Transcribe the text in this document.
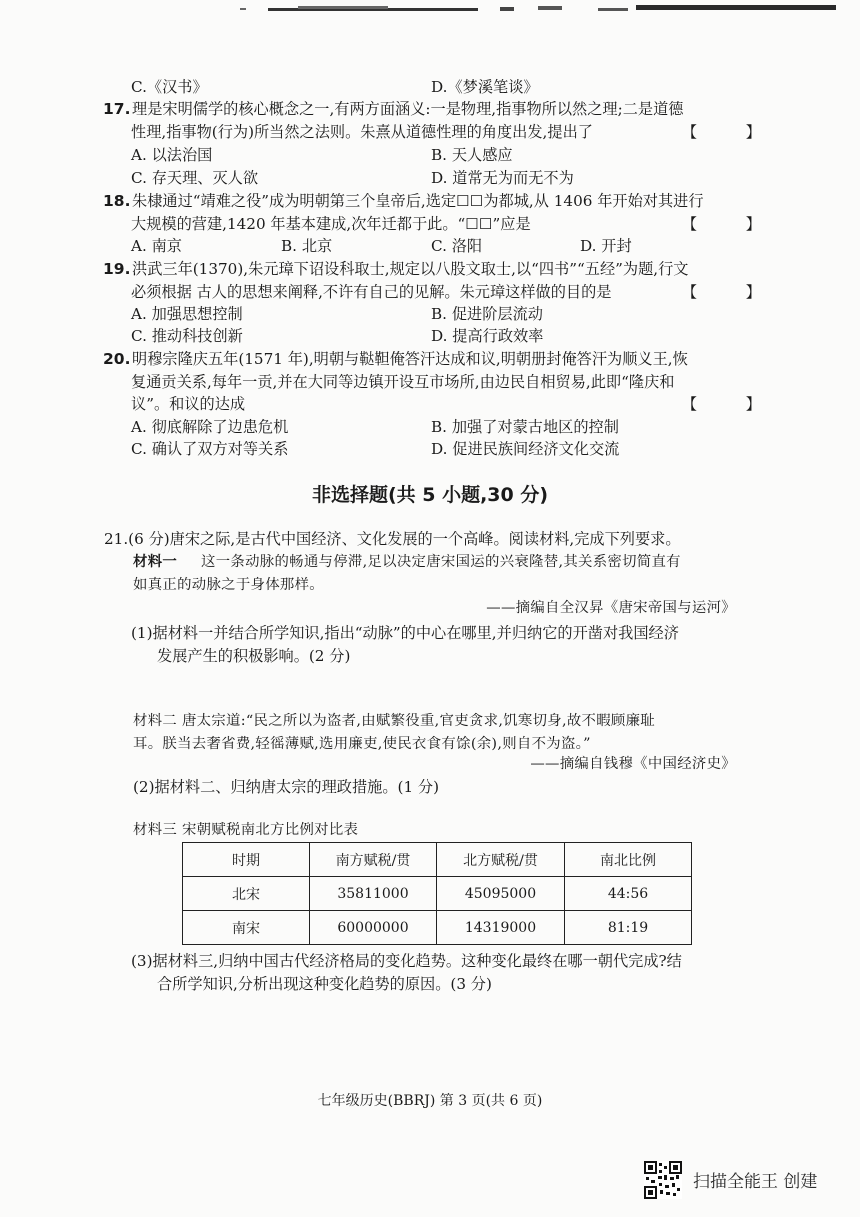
C.《汉书》	D.《梦溪笔谈》
17. 理是宋明儒学的核心概念之一,有两方面涵义:一是物理,指事物所以然之理;二是道德
性理,指事物(行为)所当然之法则。朱熹从道德性理的角度出发,提出了	【 】
A. 以法治国	B. 天人感应
C. 存天理、灭人欲	D. 道常无为而无不为
18. 朱棣通过“靖难之役”成为明朝第三个皇帝后,选定☐☐为都城,从 1406 年开始对其进行
大规模的营建,1420 年基本建成,次年迁都于此。“☐☐”应是	【 】
A. 南京	B. 北京	C. 洛阳	D. 开封
19. 洪武三年(1370),朱元璋下诏设科取士,规定以八股文取士,以“四书”“五经”为题,行文
必须根据 古人的思想来阐释,不许有自己的见解。朱元璋这样做的目的是	【 】
A. 加强思想控制	B. 促进阶层流动
C. 推动科技创新	D. 提高行政效率
20. 明穆宗隆庆五年(1571 年),明朝与鞑靼俺答汗达成和议,明朝册封俺答汗为顺义王,恢
复通贡关系,每年一贡,并在大同等边镇开设互市场所,由边民自相贸易,此即“隆庆和
议”。和议的达成	【 】
A. 彻底解除了边患危机	B. 加强了对蒙古地区的控制
C. 确认了双方对等关系	D. 促进民族间经济文化交流
非选择题(共 5 小题,30 分)
21.(6 分)唐宋之际,是古代中国经济、文化发展的一个高峰。阅读材料,完成下列要求。
材料一 这一条动脉的畅通与停滞,足以决定唐宋国运的兴衰隆替,其关系密切简直有
如真正的动脉之于身体那样。
——摘编自全汉昇《唐宋帝国与运河》
(1)据材料一并结合所学知识,指出“动脉”的中心在哪里,并归纳它的开凿对我国经济
发展产生的积极影响。(2 分)
材料二 唐太宗道:“民之所以为盗者,由赋繁役重,官吏贪求,饥寒切身,故不暇顾廉耻
耳。朕当去奢省费,轻徭薄赋,选用廉吏,使民衣食有馀(余),则自不为盗。”
——摘编自钱穆《中国经济史》
(2)据材料二、归纳唐太宗的理政措施。(1 分)
材料三 宋朝赋税南北方比例对比表
时期	南方赋税/贯	北方赋税/贯	南北比例
北宋	35811000	45095000	44:56
南宋	60000000	14319000	81:19
(3)据材料三,归纳中国古代经济格局的变化趋势。这种变化最终在哪一朝代完成?结
合所学知识,分析出现这种变化趋势的原因。(3 分)
七年级历史(BBRJ) 第 3 页(共 6 页)
扫描全能王 创建
